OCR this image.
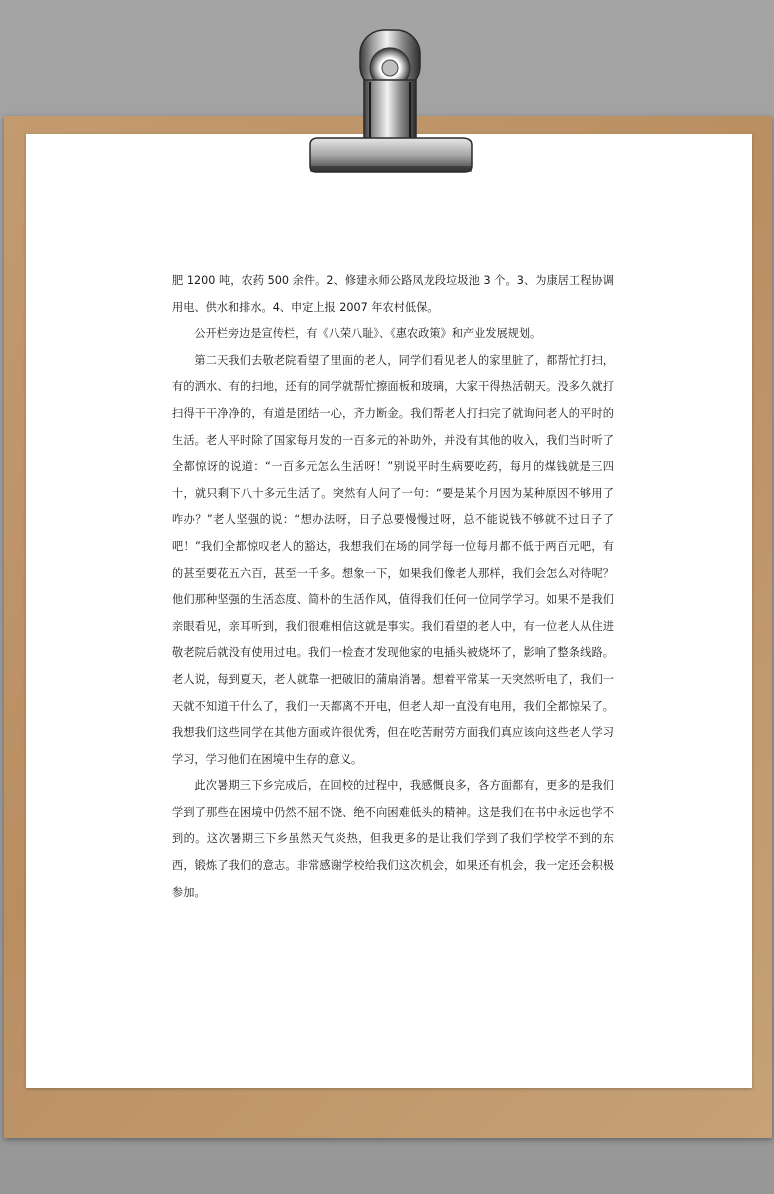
肥 1200 吨，农药 500 余件。2、修建永师公路凤龙段垃圾池 3 个。3、为康居工程协调用电、供水和排水。4、申定上报 2007 年农村低保。

公开栏旁边是宣传栏，有《八荣八耻》、《惠农政策》和产业发展规划。

第二天我们去敬老院看望了里面的老人，同学们看见老人的家里脏了，都帮忙打扫，有的洒水、有的扫地，还有的同学就帮忙擦面板和玻璃，大家干得热活朝天。没多久就打扫得干干净净的，有道是团结一心，齐力断金。我们帮老人打扫完了就询问老人的平时的生活。老人平时除了国家每月发的一百多元的补助外，并没有其他的收入，我们当时听了全都惊讶的说道：“一百多元怎么生活呀！”别说平时生病要吃药，每月的煤钱就是三四十，就只剩下八十多元生活了。突然有人问了一句：“要是某个月因为某种原因不够用了咋办？”老人坚强的说：“想办法呀，日子总要慢慢过呀，总不能说钱不够就不过日子了吧！”我们全都惊叹老人的豁达，我想我们在场的同学每一位每月都不低于两百元吧，有的甚至要花五六百，甚至一千多。想象一下，如果我们像老人那样，我们会怎么对待呢？他们那种坚强的生活态度、简朴的生活作风，值得我们任何一位同学学习。如果不是我们亲眼看见，亲耳听到，我们很难相信这就是事实。我们看望的老人中，有一位老人从住进敬老院后就没有使用过电。我们一检查才发现他家的电插头被烧坏了，影响了整条线路。老人说，每到夏天，老人就靠一把破旧的蒲扇消暑。想着平常某一天突然听电了，我们一天就不知道干什么了，我们一天都离不开电，但老人却一直没有电用，我们全都惊呆了。我想我们这些同学在其他方面或许很优秀，但在吃苦耐劳方面我们真应该向这些老人学习学习，学习他们在困境中生存的意义。

此次暑期三下乡完成后，在回校的过程中，我感慨良多，各方面都有，更多的是我们学到了那些在困境中仍然不屈不饶、绝不向困难低头的精神。这是我们在书中永远也学不到的。这次暑期三下乡虽然天气炎热，但我更多的是让我们学到了我们学校学不到的东西，锻炼了我们的意志。非常感谢学校给我们这次机会，如果还有机会，我一定还会积极参加。
